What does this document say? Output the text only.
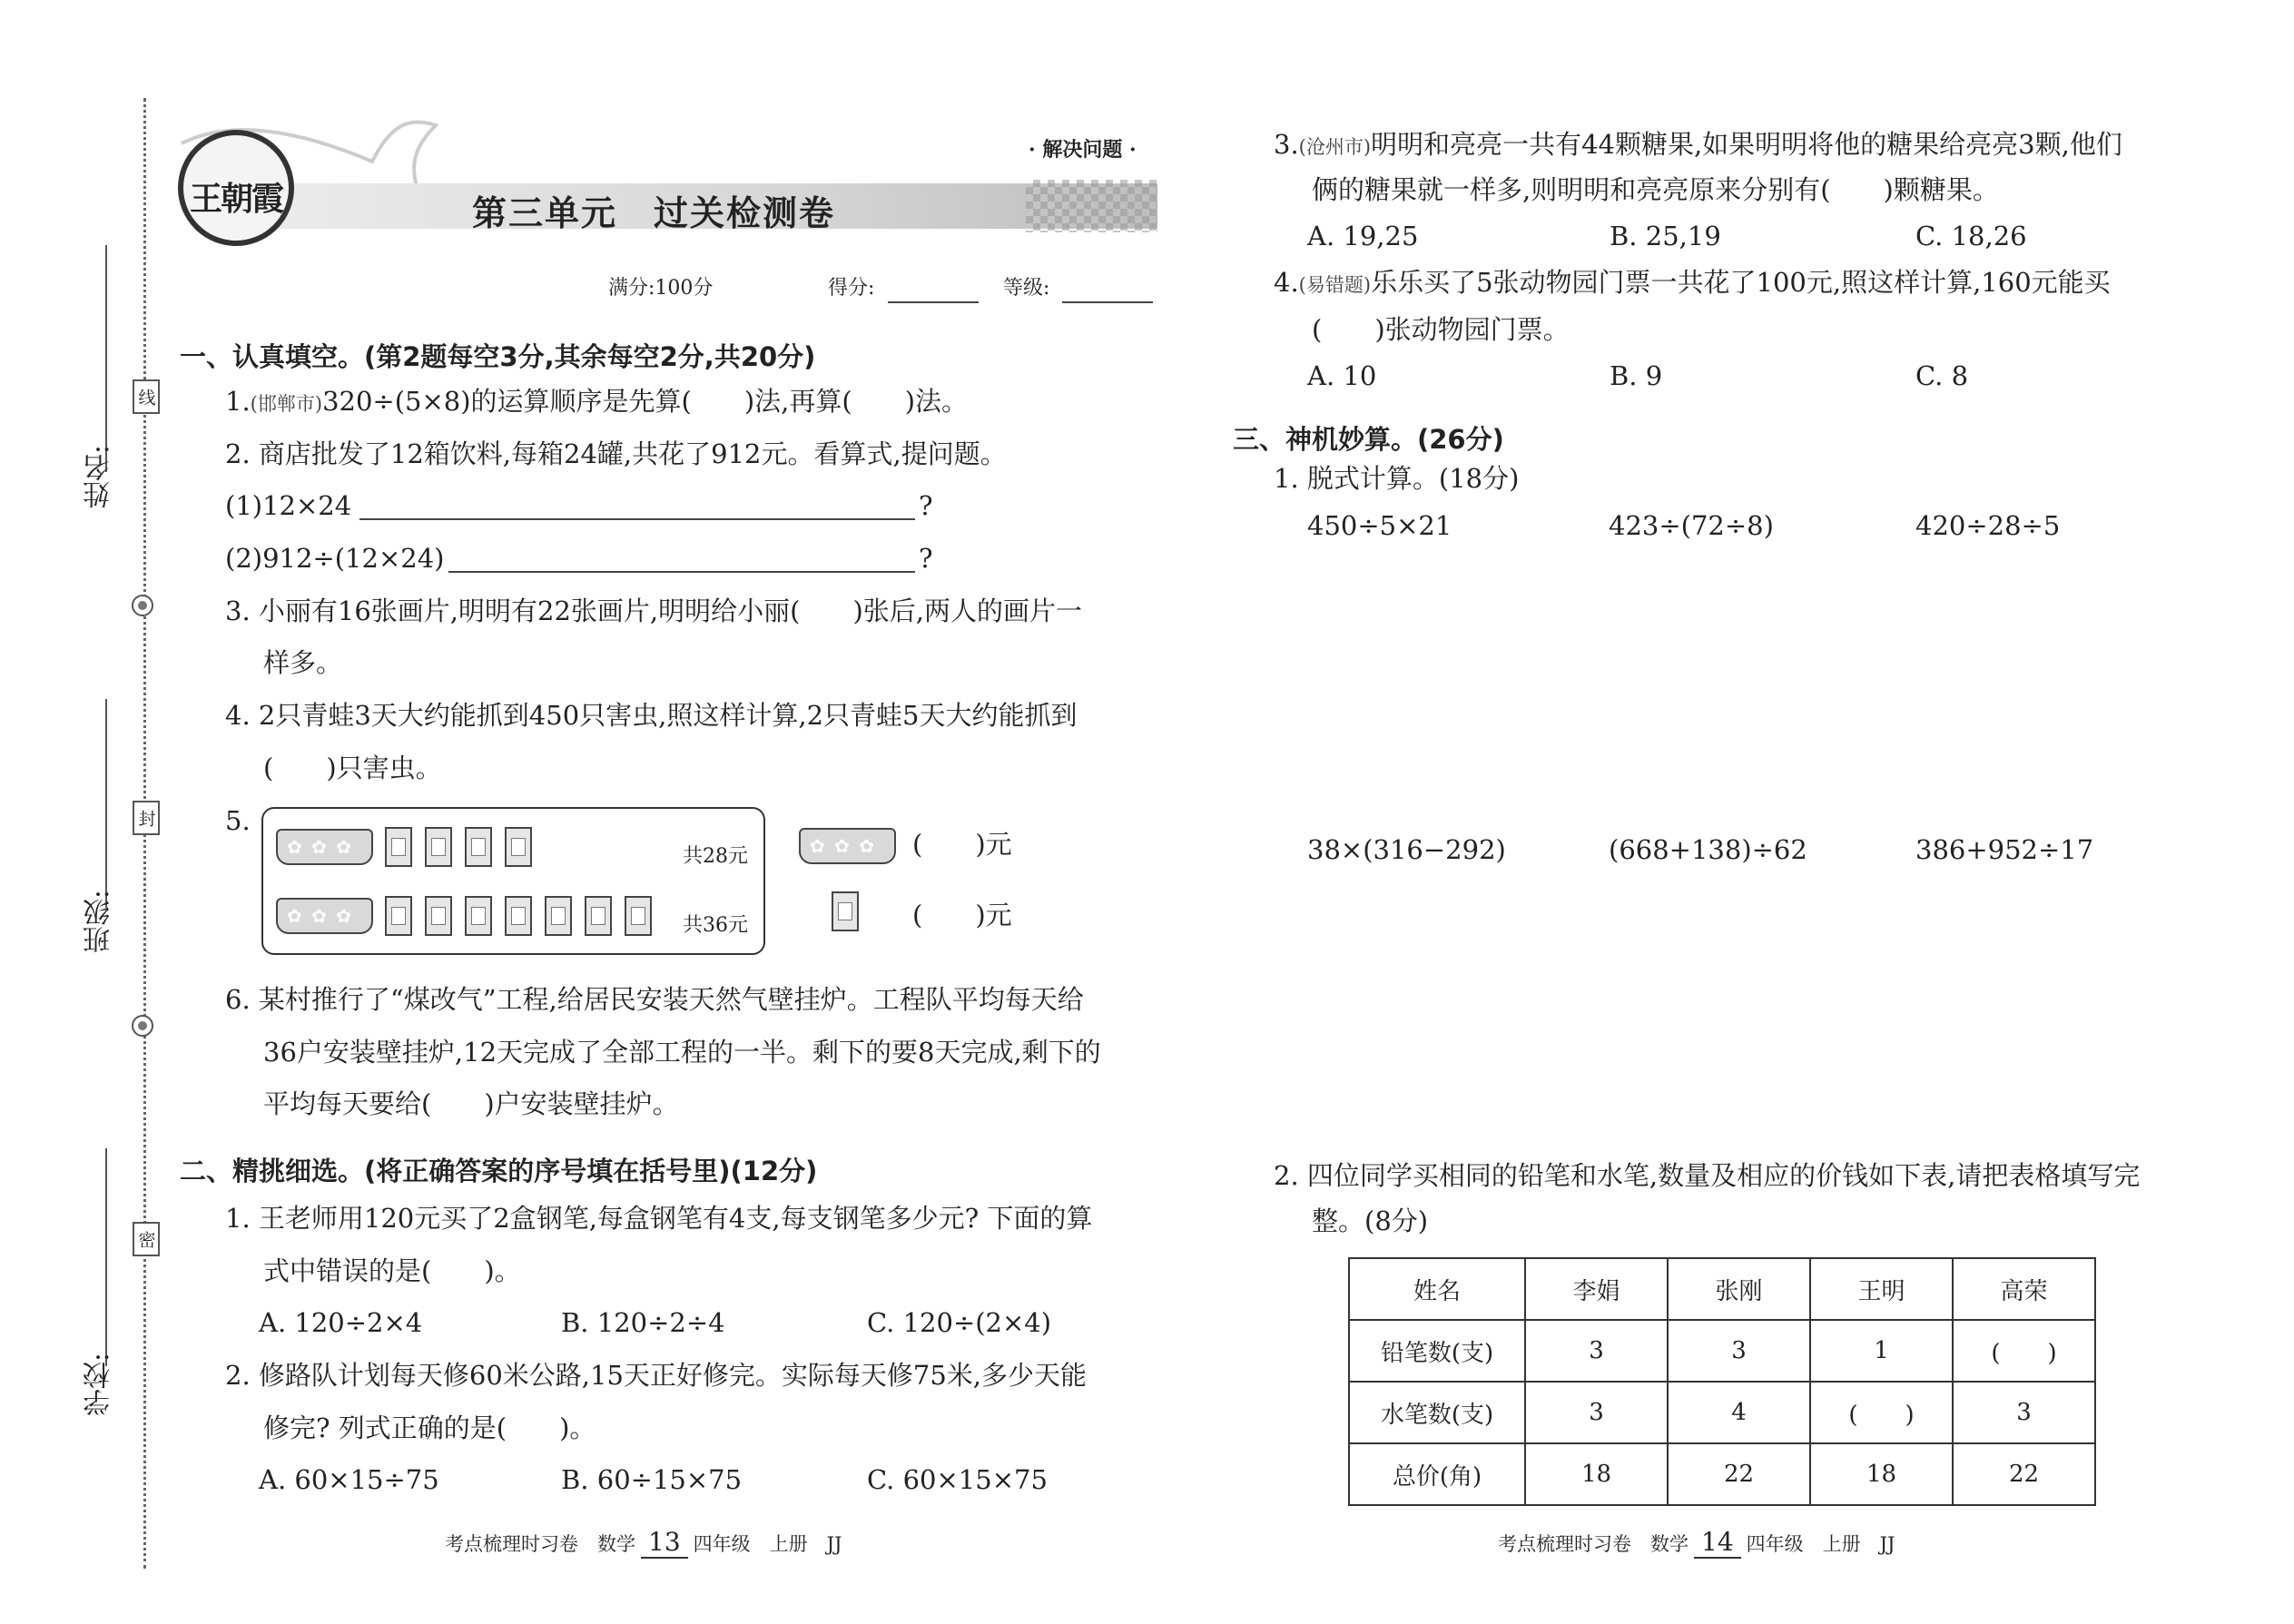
姓名:
班级:
学校:
线
封
密
王朝霞
· 解决问题 ·
第三单元　过关检测卷
满分:100分	得分:	等级:
一、认真填空。(第2题每空3分,其余每空2分,共20分)
1.(邯郸市)320÷(5×8)的运算顺序是先算(　　)法,再算(　　)法。
2. 商店批发了12箱饮料,每箱24罐,共花了912元。看算式,提问题。
(1)12×24	?
(2)912÷(12×24)	?
3. 小丽有16张画片,明明有22张画片,明明给小丽(　　)张后,两人的画片一
样多。
4. 2只青蛙3天大约能抓到450只害虫,照这样计算,2只青蛙5天大约能抓到
(　　)只害虫。
5.
✿ ✿ ✿
共28元
✿ ✿ ✿
共36元
✿ ✿ ✿
(　　)元
(　　)元
6. 某村推行了“煤改气”工程,给居民安装天然气壁挂炉。工程队平均每天给
36户安装壁挂炉,12天完成了全部工程的一半。剩下的要8天完成,剩下的
平均每天要给(　　)户安装壁挂炉。
二、精挑细选。(将正确答案的序号填在括号里)(12分)
1. 王老师用120元买了2盒钢笔,每盒钢笔有4支,每支钢笔多少元? 下面的算
式中错误的是(　　)。
A. 120÷2×4	B. 120÷2÷4	C. 120÷(2×4)
2. 修路队计划每天修60米公路,15天正好修完。实际每天修75米,多少天能
修完? 列式正确的是(　　)。
A. 60×15÷75	B. 60÷15×75	C. 60×15×75
考点梳理时习卷　数学 13 四年级　上册　JJ
3.(沧州市)明明和亮亮一共有44颗糖果,如果明明将他的糖果给亮亮3颗,他们
俩的糖果就一样多,则明明和亮亮原来分别有(　　)颗糖果。
A. 19,25	B. 25,19	C. 18,26
4.(易错题)乐乐买了5张动物园门票一共花了100元,照这样计算,160元能买
(　　)张动物园门票。
A. 10	B. 9	C. 8
三、神机妙算。(26分)
1. 脱式计算。(18分)
450÷5×21	423÷(72÷8)	420÷28÷5
38×(316−292)	(668+138)÷62	386+952÷17
2. 四位同学买相同的铅笔和水笔,数量及相应的价钱如下表,请把表格填写完
整。(8分)
姓名	李娟	张刚	王明	高荣
铅笔数(支)	3	3	1	(　　)
水笔数(支)	3	4	(　　)	3
总价(角)	18	22	18	22
考点梳理时习卷　数学 14 四年级　上册　JJ
